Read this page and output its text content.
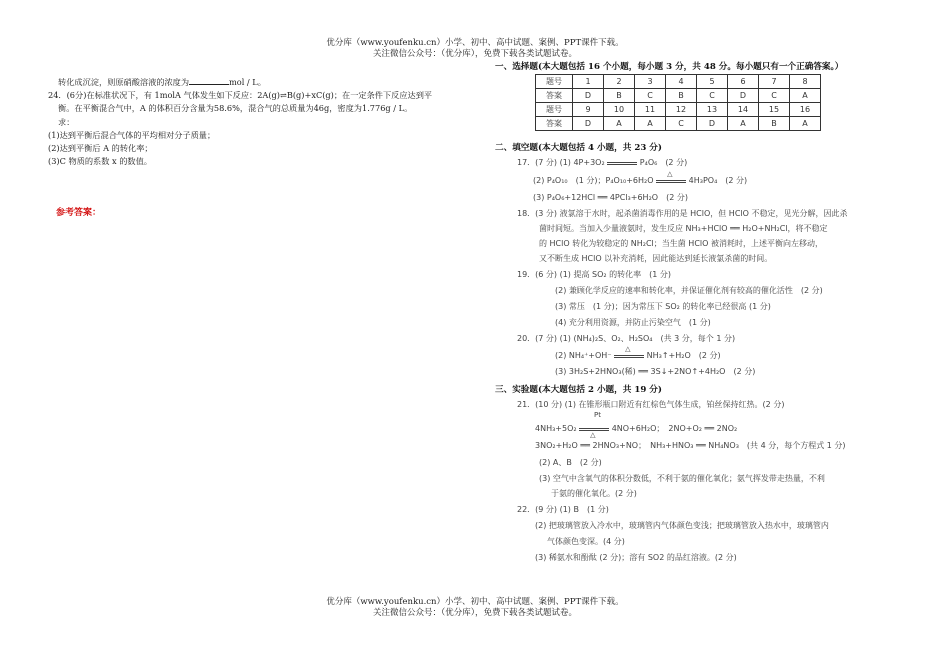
优分库（www.youfenku.cn）小学、初中、高中试题、案例、PPT课件下载。
关注微信公众号：（优分库），免费下载各类试题试卷。
转化成沉淀，则原硝酸溶液的浓度为	mol / L。
24．(6分)在标准状况下，有 1molA 气体发生如下反应：2A(g)⇌B(g)+xC(g)；在一定条件下反应达到平
衡。在平衡混合气中，A 的体积百分含量为58.6%，混合气的总质量为46g，密度为1.776g / L。
求：
(1)达到平衡后混合气体的平均相对分子质量；
(2)达到平衡后 A 的转化率；
(3)C 物质的系数 x 的数值。
参考答案：
一、选择题(本大题包括 16 个小题，每小题 3 分，共 48 分。每小题只有一个正确答案。）
题号	1	2	3	4	5	6	7	8
答案	D	B	C	B	C	D	C	A
题号	9	10	11	12	13	14	15	16
答案	D	A	A	C	D	A	B	A
二、填空题(本大题包括 4 小题，共 23 分)
17．(7 分) (1) 4P+3O₂	P₄O₆　(2 分)
(2) P₄O₁₀　(1 分)；P₄O₁₀+6H₂O
△
4H₃PO₄　(2 分)
(3) P₄O₆+12HCl ══ 4PCl₃+6H₂O　(2 分)
18．(3 分) 液氯溶于水时，起杀菌消毒作用的是 HClO，但 HClO 不稳定，见光分解，因此杀
菌时间短。当加入少量液氨时，发生反应 NH₃+HClO ══ H₂O+NH₂Cl，将不稳定
的 HClO 转化为较稳定的 NH₂Cl；当生菌 HClO 被消耗时，上述平衡向左移动，
又不断生成 HClO 以补充消耗，因此能达到延长液氯杀菌的时间。
19．(6 分) (1) 提高 SO₂ 的转化率　(1 分)
(2) 兼顾化学反应的速率和转化率，并保证催化剂有较高的催化活性　(2 分)
(3) 常压　(1 分)；因为常压下 SO₂ 的转化率已经很高 (1 分)
(4) 充分利用资源，并防止污染空气　(1 分)
20．(7 分) (1) (NH₄)₂S、O₂、H₂SO₄　(共 3 分，每个 1 分)
(2) NH₄⁺+OH⁻
△
NH₃↑+H₂O　(2 分)
(3) 3H₂S+2HNO₃(稀) ══ 3S↓+2NO↑+4H₂O　(2 分)
三、实验题(本大题包括 2 小题，共 19 分)
21．(10 分) (1) 在锥形瓶口附近有红棕色气体生成，铂丝保持红热。(2 分)
Pt
4NH₃+5O₂
△
4NO+6H₂O；　2NO+O₂ ══ 2NO₂
3NO₂+H₂O ══ 2HNO₃+NO；　NH₃+HNO₃ ══ NH₄NO₃　(共 4 分，每个方程式 1 分)
(2) A、B　(2 分)
(3) 空气中含氧气的体积分数低，不利于氨的催化氧化；氨气挥发带走热量，不利
于氨的催化氧化。(2 分)
22．(9 分) (1) B　(1 分)
(2) 把玻璃管放入冷水中，玻璃管内气体颜色变浅；把玻璃管放入热水中，玻璃管内
气体颜色变深。(4 分)
(3) 稀氨水和酚酞 (2 分)；溶有 SO2 的品红溶液。(2 分)
优分库（www.youfenku.cn）小学、初中、高中试题、案例、PPT课件下载。
关注微信公众号：（优分库），免费下载各类试题试卷。
